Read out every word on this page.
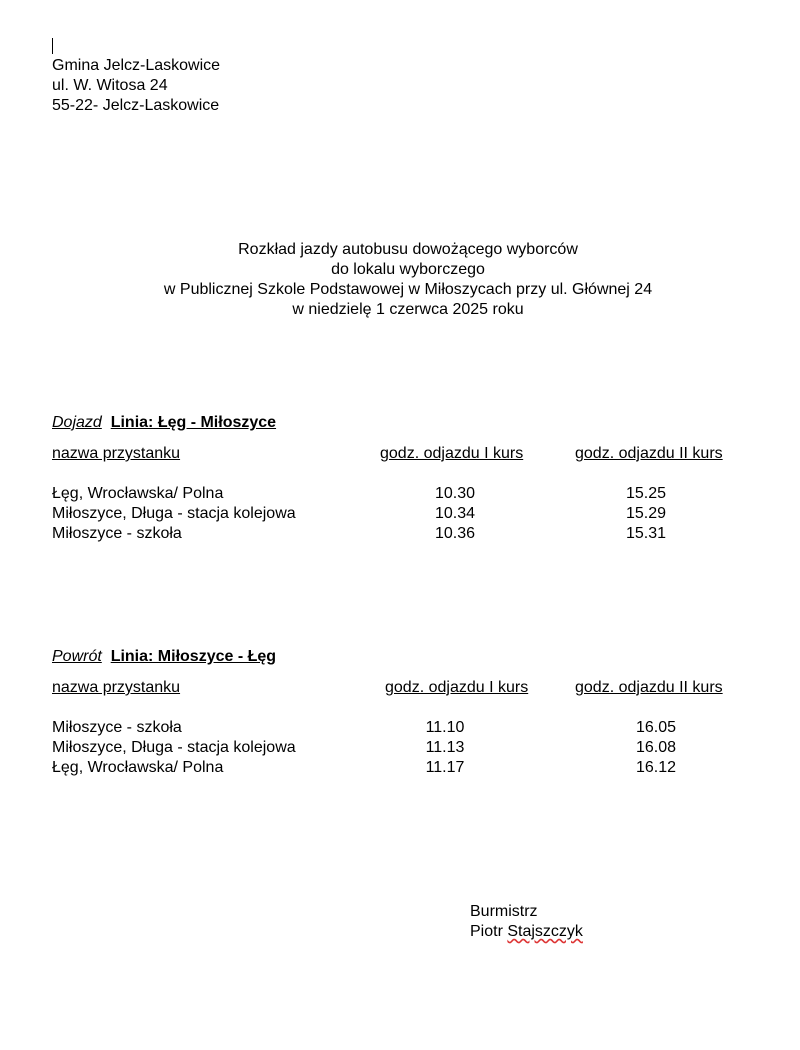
Gmina Jelcz-Laskowice
ul. W. Witosa 24
55-22- Jelcz-Laskowice
Rozkład jazdy autobusu dowożącego wyborców
do lokalu wyborczego
w Publicznej Szkole Podstawowej w Miłoszycach przy ul. Głównej 24
w niedzielę 1 czerwca 2025 roku
Dojazd Linia: Łęg - Miłoszyce
nazwa przystanku	godz. odjazdu I kurs	godz. odjazdu II kurs
Łęg, Wrocławska/ Polna	10.30	15.25
Miłoszyce, Długa - stacja kolejowa	10.34	15.29
Miłoszyce - szkoła	10.36	15.31
Powrót Linia: Miłoszyce - Łęg
nazwa przystanku	godz. odjazdu I kurs	godz. odjazdu II kurs
Miłoszyce - szkoła	11.10	16.05
Miłoszyce, Długa - stacja kolejowa	11.13	16.08
Łęg, Wrocławska/ Polna	11.17	16.12
Burmistrz
Piotr Stajszczyk
